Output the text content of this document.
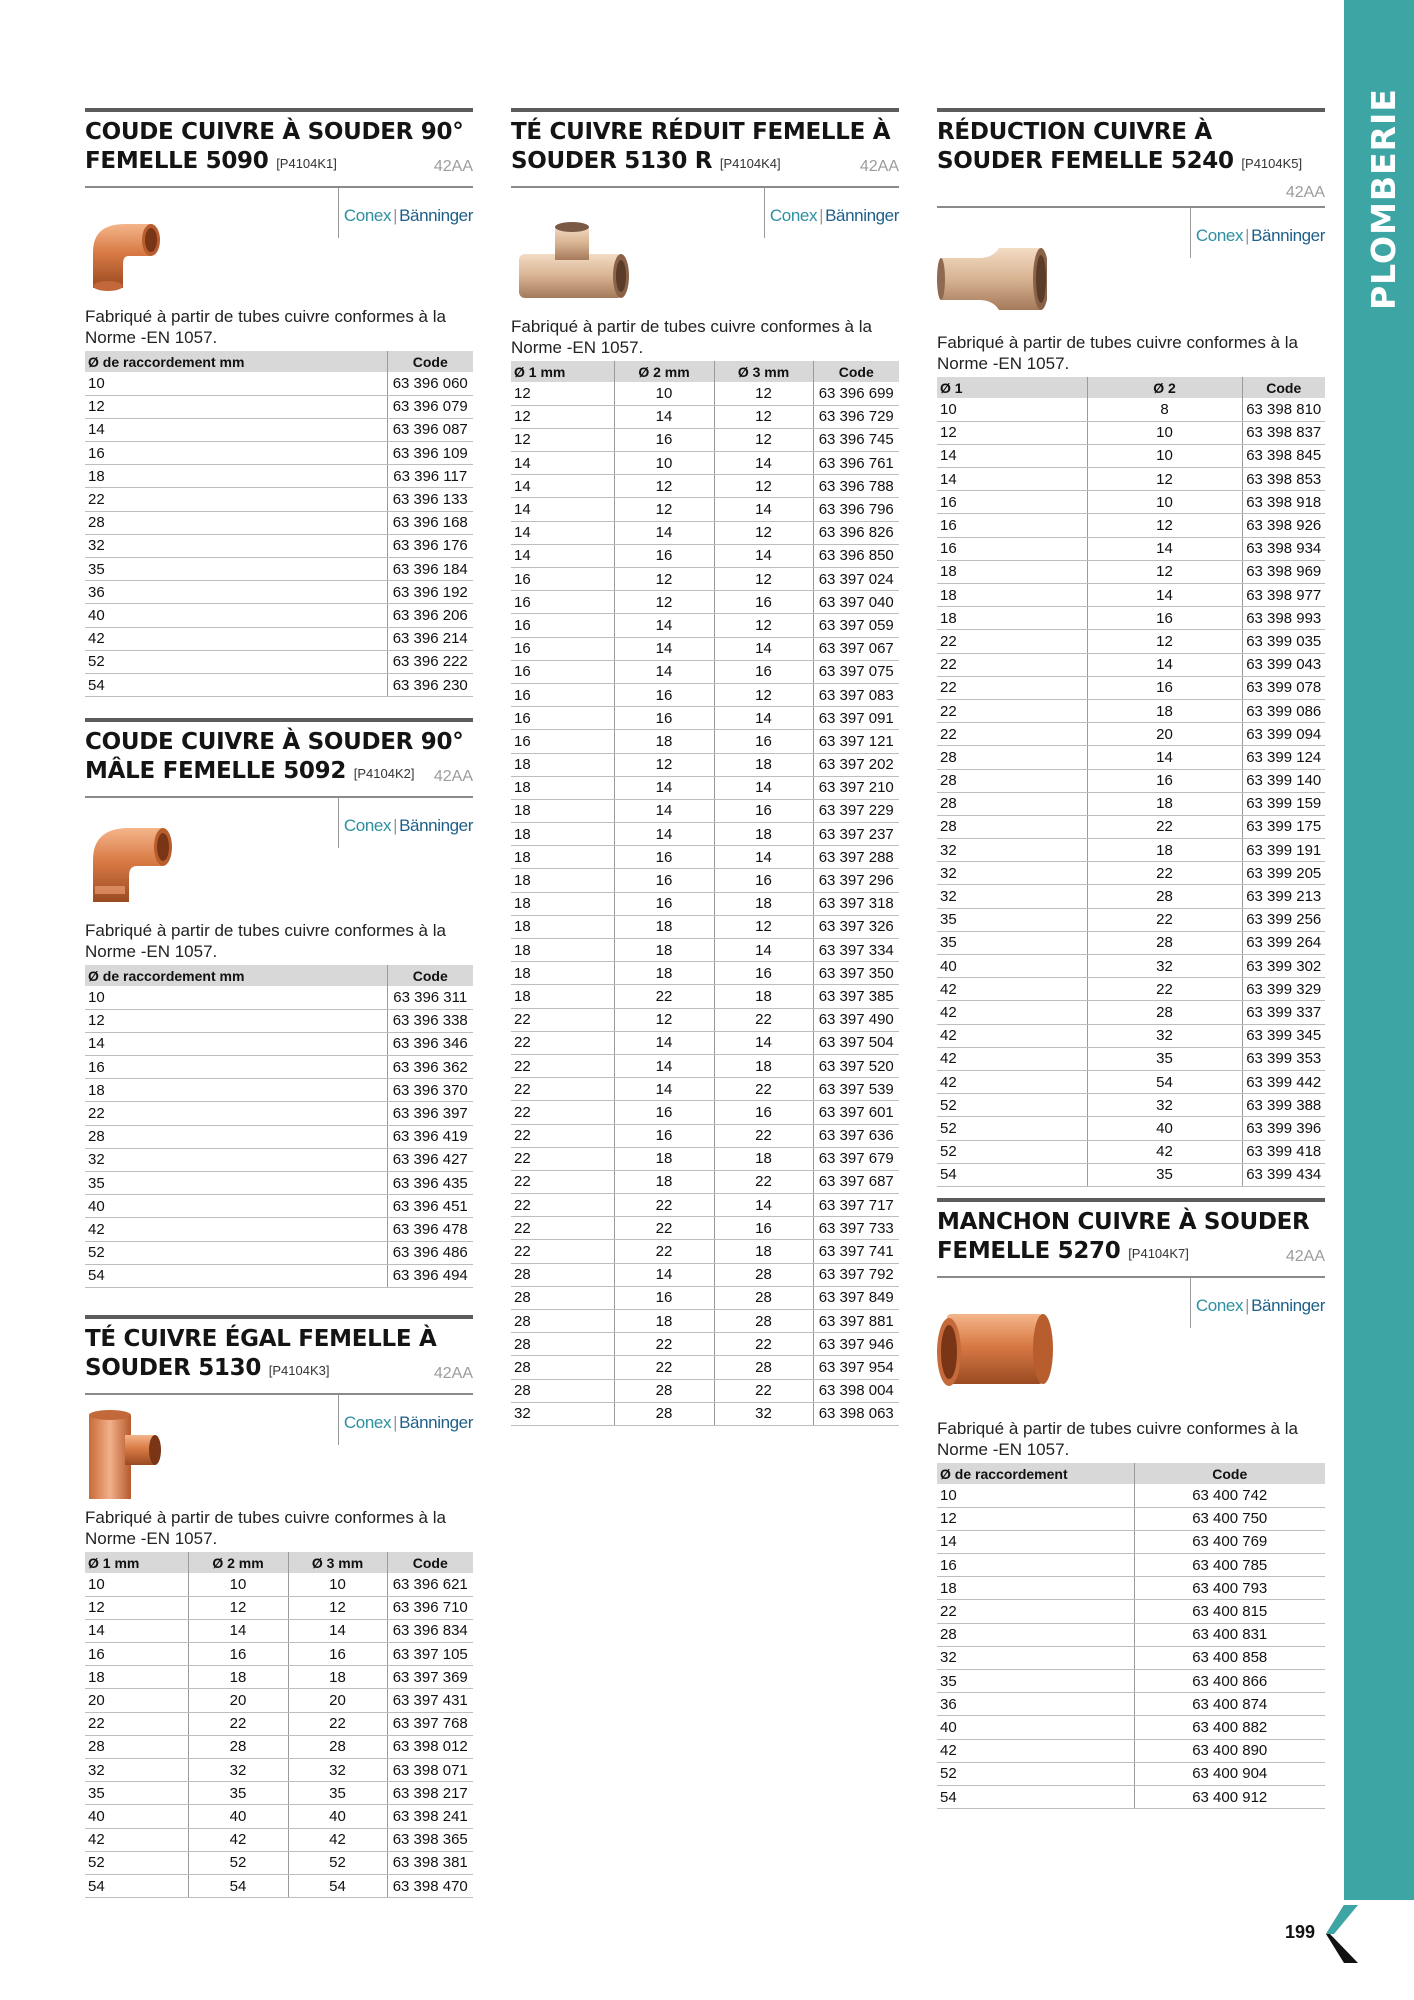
COUDE CUIVRE À SOUDER 90° FEMELLE 5090 [P4104K1]	42AA
Conex | Bänninger

Fabriqué à partir de tubes cuivre conformes à la Norme -EN 1057.

Ø de raccordement mm	Code
10	63 396 060
12	63 396 079
14	63 396 087
16	63 396 109
18	63 396 117
22	63 396 133
28	63 396 168
32	63 396 176
35	63 396 184
36	63 396 192
40	63 396 206
42	63 396 214
52	63 396 222
54	63 396 230
COUDE CUIVRE À SOUDER 90° MÂLE FEMELLE 5092 [P4104K2]	42AA
Conex | Bänninger

Fabriqué à partir de tubes cuivre conformes à la Norme -EN 1057.

Ø de raccordement mm	Code
10	63 396 311
12	63 396 338
14	63 396 346
16	63 396 362
18	63 396 370
22	63 396 397
28	63 396 419
32	63 396 427
35	63 396 435
40	63 396 451
42	63 396 478
52	63 396 486
54	63 396 494
TÉ CUIVRE ÉGAL FEMELLE À SOUDER 5130 [P4104K3]	42AA
Conex | Bänninger

Fabriqué à partir de tubes cuivre conformes à la Norme -EN 1057.

Ø 1 mm	Ø 2 mm	Ø 3 mm	Code
10	10	10	63 396 621
12	12	12	63 396 710
14	14	14	63 396 834
16	16	16	63 397 105
18	18	18	63 397 369
20	20	20	63 397 431
22	22	22	63 397 768
28	28	28	63 398 012
32	32	32	63 398 071
35	35	35	63 398 217
40	40	40	63 398 241
42	42	42	63 398 365
52	52	52	63 398 381
54	54	54	63 398 470
TÉ CUIVRE RÉDUIT FEMELLE À SOUDER 5130 R [P4104K4]	42AA
Conex | Bänninger

Fabriqué à partir de tubes cuivre conformes à la Norme -EN 1057.

Ø 1 mm	Ø 2 mm	Ø 3 mm	Code
12	10	12	63 396 699
12	14	12	63 396 729
12	16	12	63 396 745
14	10	14	63 396 761
14	12	12	63 396 788
14	12	14	63 396 796
14	14	12	63 396 826
14	16	14	63 396 850
16	12	12	63 397 024
16	12	16	63 397 040
16	14	12	63 397 059
16	14	14	63 397 067
16	14	16	63 397 075
16	16	12	63 397 083
16	16	14	63 397 091
16	18	16	63 397 121
18	12	18	63 397 202
18	14	14	63 397 210
18	14	16	63 397 229
18	14	18	63 397 237
18	16	14	63 397 288
18	16	16	63 397 296
18	16	18	63 397 318
18	18	12	63 397 326
18	18	14	63 397 334
18	18	16	63 397 350
18	22	18	63 397 385
22	12	22	63 397 490
22	14	14	63 397 504
22	14	18	63 397 520
22	14	22	63 397 539
22	16	16	63 397 601
22	16	22	63 397 636
22	18	18	63 397 679
22	18	22	63 397 687
22	22	14	63 397 717
22	22	16	63 397 733
22	22	18	63 397 741
28	14	28	63 397 792
28	16	28	63 397 849
28	18	28	63 397 881
28	22	22	63 397 946
28	22	28	63 397 954
28	28	22	63 398 004
32	28	32	63 398 063
RÉDUCTION CUIVRE À SOUDER FEMELLE 5240 [P4104K5]
42AA
Conex | Bänninger

Fabriqué à partir de tubes cuivre conformes à la Norme -EN 1057.

Ø 1	Ø 2	Code
10	8	63 398 810
12	10	63 398 837
14	10	63 398 845
14	12	63 398 853
16	10	63 398 918
16	12	63 398 926
16	14	63 398 934
18	12	63 398 969
18	14	63 398 977
18	16	63 398 993
22	12	63 399 035
22	14	63 399 043
22	16	63 399 078
22	18	63 399 086
22	20	63 399 094
28	14	63 399 124
28	16	63 399 140
28	18	63 399 159
28	22	63 399 175
32	18	63 399 191
32	22	63 399 205
32	28	63 399 213
35	22	63 399 256
35	28	63 399 264
40	32	63 399 302
42	22	63 399 329
42	28	63 399 337
42	32	63 399 345
42	35	63 399 353
42	54	63 399 442
52	32	63 399 388
52	40	63 399 396
52	42	63 399 418
54	35	63 399 434
MANCHON CUIVRE À SOUDER FEMELLE 5270 [P4104K7]	42AA
Conex | Bänninger

Fabriqué à partir de tubes cuivre conformes à la Norme -EN 1057.

Ø de raccordement	Code
10	63 400 742
12	63 400 750
14	63 400 769
16	63 400 785
18	63 400 793
22	63 400 815
28	63 400 831
32	63 400 858
35	63 400 866
36	63 400 874
40	63 400 882
42	63 400 890
52	63 400 904
54	63 400 912
PLOMBERIE
199
